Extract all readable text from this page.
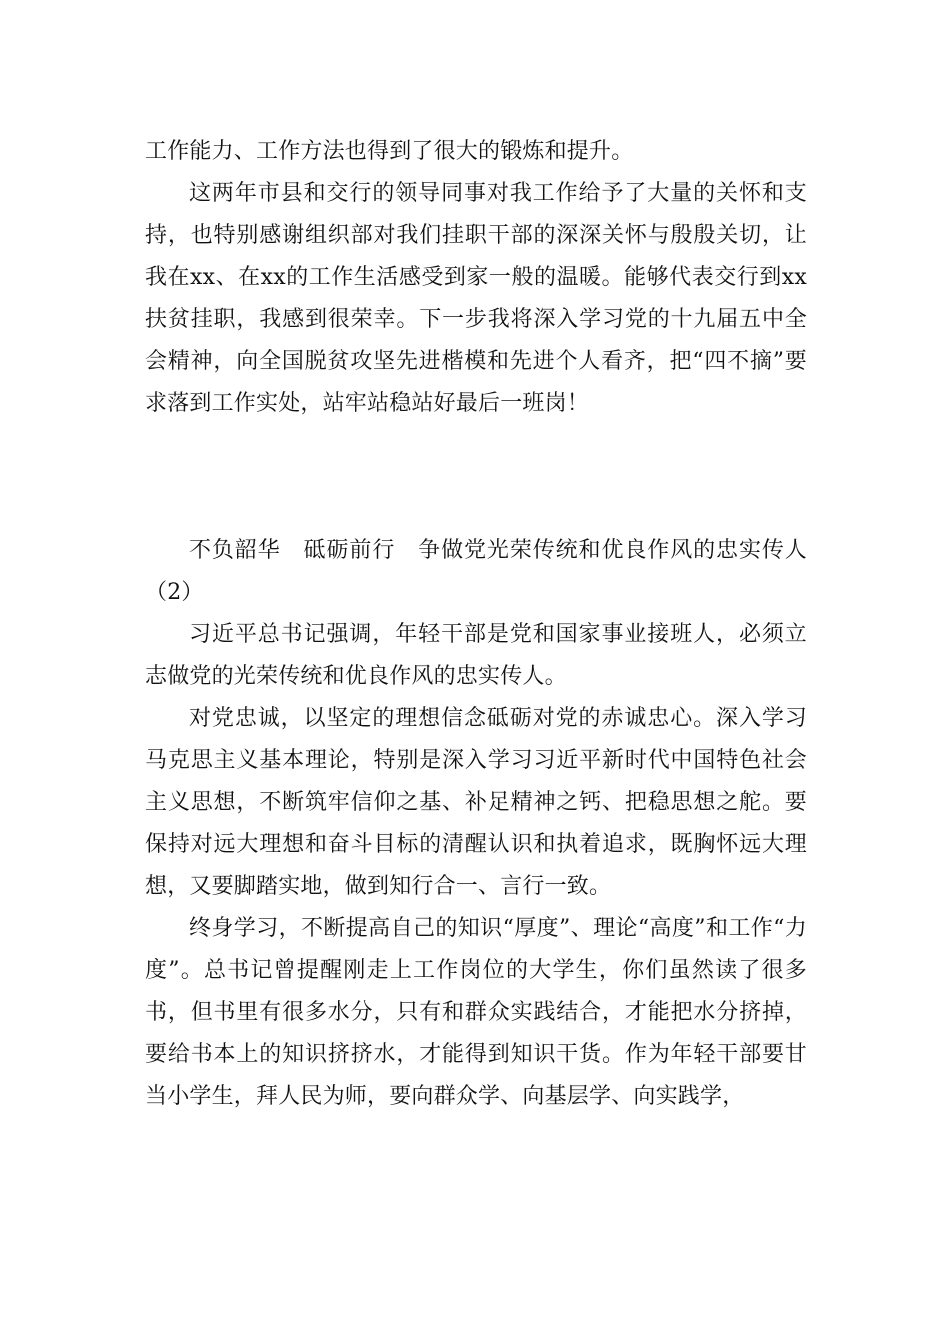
工作能力、工作方法也得到了很大的锻炼和提升。

这两年市县和交行的领导同事对我工作给予了大量的关怀和支持，也特别感谢组织部对我们挂职干部的深深关怀与殷殷关切，让我在xx、在xx的工作生活感受到家一般的温暖。能够代表交行到xx扶贫挂职，我感到很荣幸。下一步我将深入学习党的十九届五中全会精神，向全国脱贫攻坚先进楷模和先进个人看齐，把“四不摘”要求落到工作实处，站牢站稳站好最后一班岗！

不负韶华　砥砺前行　争做党光荣传统和优良作风的忠实传人（2）

习近平总书记强调，年轻干部是党和国家事业接班人，必须立志做党的光荣传统和优良作风的忠实传人。

对党忠诚，以坚定的理想信念砥砺对党的赤诚忠心。深入学习马克思主义基本理论，特别是深入学习习近平新时代中国特色社会主义思想，不断筑牢信仰之基、补足精神之钙、把稳思想之舵。要保持对远大理想和奋斗目标的清醒认识和执着追求，既胸怀远大理想，又要脚踏实地，做到知行合一、言行一致。

终身学习，不断提高自己的知识“厚度”、理论“高度”和工作“力度”。总书记曾提醒刚走上工作岗位的大学生，你们虽然读了很多书，但书里有很多水分，只有和群众实践结合，才能把水分挤掉，要给书本上的知识挤挤水，才能得到知识干货。作为年轻干部要甘当小学生，拜人民为师，要向群众学、向基层学、向实践学，
